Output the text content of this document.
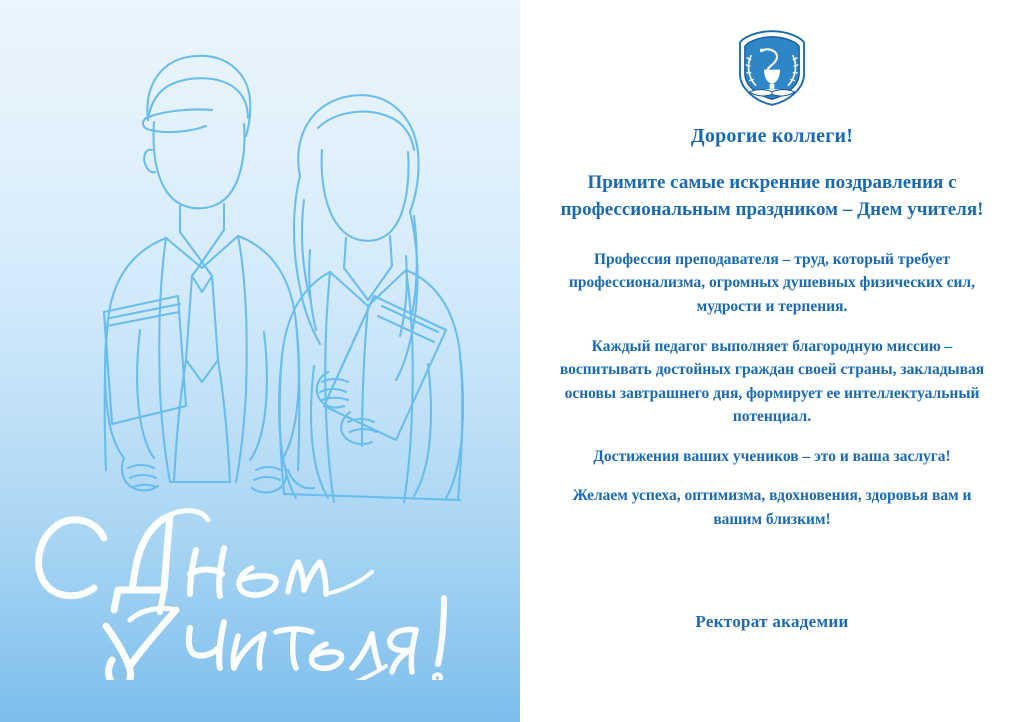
Дорогие коллеги!

Примите самые искренние поздравления с профессиональным праздником – Днем учителя!

Профессия преподавателя – труд, который требует профессионализма, огромных душевных физических сил, мудрости и терпения.

Каждый педагог выполняет благородную миссию – воспитывать достойных граждан своей страны, закладывая основы завтрашнего дня, формирует ее интеллектуальный потенциал.

Достижения ваших учеников – это и ваша заслуга!

Желаем успеха, оптимизма, вдохновения, здоровья вам и вашим близким!

Ректорат академии
